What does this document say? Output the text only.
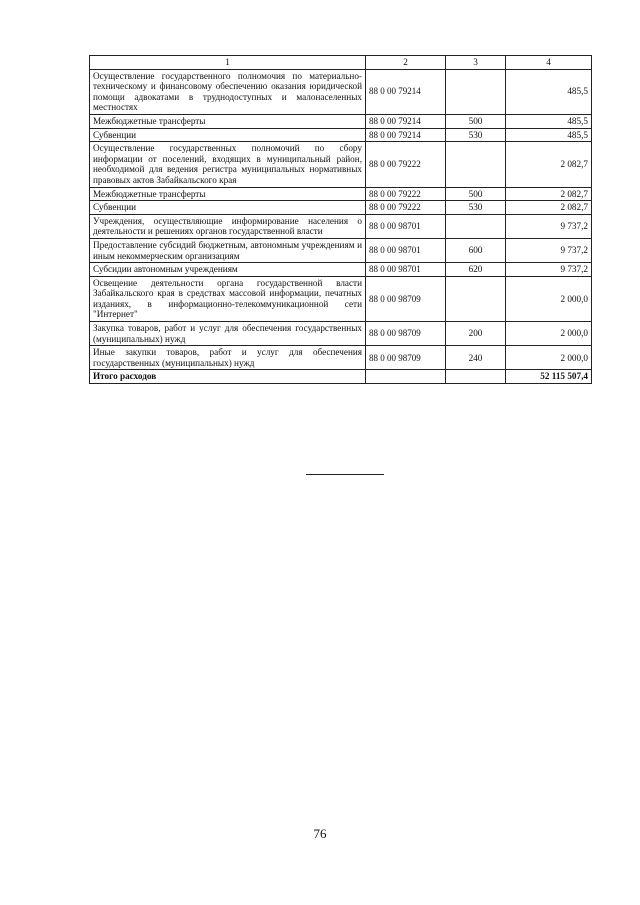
1	2	3	4
Осуществление государственного полномочия по материально-техническому и финансовому обеспечению оказания юридической помощи адвокатами в труднодоступных и малонаселенных местностях	88 0 00 79214		485,5
Межбюджетные трансферты	88 0 00 79214	500	485,5
Субвенции	88 0 00 79214	530	485,5
Осуществление государственных полномочий по сбору информации от поселений, входящих в муниципальный район, необходимой для ведения регистра муниципальных нормативных правовых актов Забайкальского края	88 0 00 79222		2 082,7
Межбюджетные трансферты	88 0 00 79222	500	2 082,7
Субвенции	88 0 00 79222	530	2 082,7
Учреждения, осуществляющие информирование населения о деятельности и решениях органов государственной власти	88 0 00 98701		9 737,2
Предоставление субсидий бюджетным, автономным учреждениям и иным некоммерческим организациям	88 0 00 98701	600	9 737,2
Субсидии автономным учреждениям	88 0 00 98701	620	9 737,2
Освещение деятельности органа государственной власти Забайкальского края в средствах массовой информации, печатных изданиях, в информационно-телекоммуникационной сети "Интернет"	88 0 00 98709		2 000,0
Закупка товаров, работ и услуг для обеспечения государственных (муниципальных) нужд	88 0 00 98709	200	2 000,0
Иные закупки товаров, работ и услуг для обеспечения государственных (муниципальных) нужд	88 0 00 98709	240	2 000,0
Итого расходов			52 115 507,4
76
